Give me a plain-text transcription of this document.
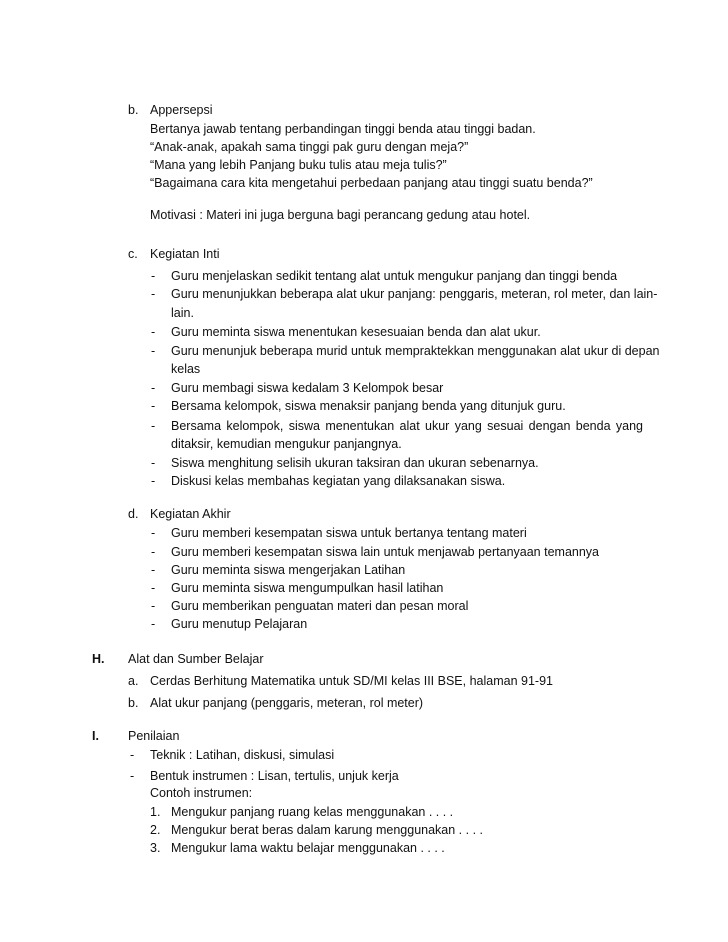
b. Appersepsi
Bertanya jawab tentang perbandingan tinggi benda atau tinggi badan.
“Anak-anak, apakah sama tinggi pak guru dengan meja?”
“Mana yang lebih Panjang buku tulis atau meja tulis?”
“Bagaimana cara kita mengetahui perbedaan panjang atau tinggi suatu benda?”
Motivasi : Materi ini juga berguna bagi perancang gedung atau hotel.
c. Kegiatan Inti
- Guru menjelaskan sedikit tentang alat untuk mengukur panjang dan tinggi benda
- Guru menunjukkan beberapa alat ukur panjang: penggaris, meteran, rol meter, dan lain-
lain.
- Guru meminta siswa menentukan kesesuaian benda dan alat ukur.
- Guru menunjuk beberapa murid untuk mempraktekkan menggunakan alat ukur di depan
kelas
- Guru membagi siswa kedalam 3 Kelompok besar
- Bersama kelompok, siswa menaksir panjang benda yang ditunjuk guru.
- Bersama kelompok, siswa menentukan alat ukur yang sesuai dengan benda yang
ditaksir, kemudian mengukur panjangnya.
- Siswa menghitung selisih ukuran taksiran dan ukuran sebenarnya.
- Diskusi kelas membahas kegiatan yang dilaksanakan siswa.
d. Kegiatan Akhir
- Guru memberi kesempatan siswa untuk bertanya tentang materi
- Guru memberi kesempatan siswa lain untuk menjawab pertanyaan temannya
- Guru meminta siswa mengerjakan Latihan
- Guru meminta siswa mengumpulkan hasil latihan
- Guru memberikan penguatan materi dan pesan moral
- Guru menutup Pelajaran
H. Alat dan Sumber Belajar
a. Cerdas Berhitung Matematika untuk SD/MI kelas III BSE, halaman 91-91
b. Alat ukur panjang (penggaris, meteran, rol meter)
I. Penilaian
- Teknik : Latihan, diskusi, simulasi
- Bentuk instrumen : Lisan, tertulis, unjuk kerja
Contoh instrumen:
1. Mengukur panjang ruang kelas menggunakan . . . .
2. Mengukur berat beras dalam karung menggunakan . . . .
3. Mengukur lama waktu belajar menggunakan . . . .
